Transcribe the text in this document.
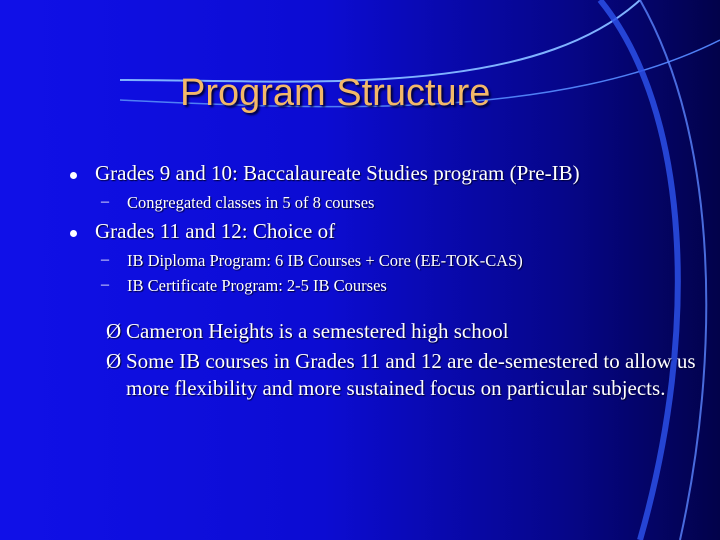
Program Structure
Grades 9 and 10: Baccalaureate Studies program (Pre-IB)
– Congregated classes in 5 of 8 courses
Grades 11 and 12: Choice of
– IB Diploma Program: 6 IB Courses + Core (EE-TOK-CAS)
– IB Certificate Program: 2-5 IB Courses
Ø Cameron Heights is a semestered high school
Ø Some IB courses in Grades 11 and 12 are de-semestered to allow us more flexibility and more sustained focus on particular subjects.
